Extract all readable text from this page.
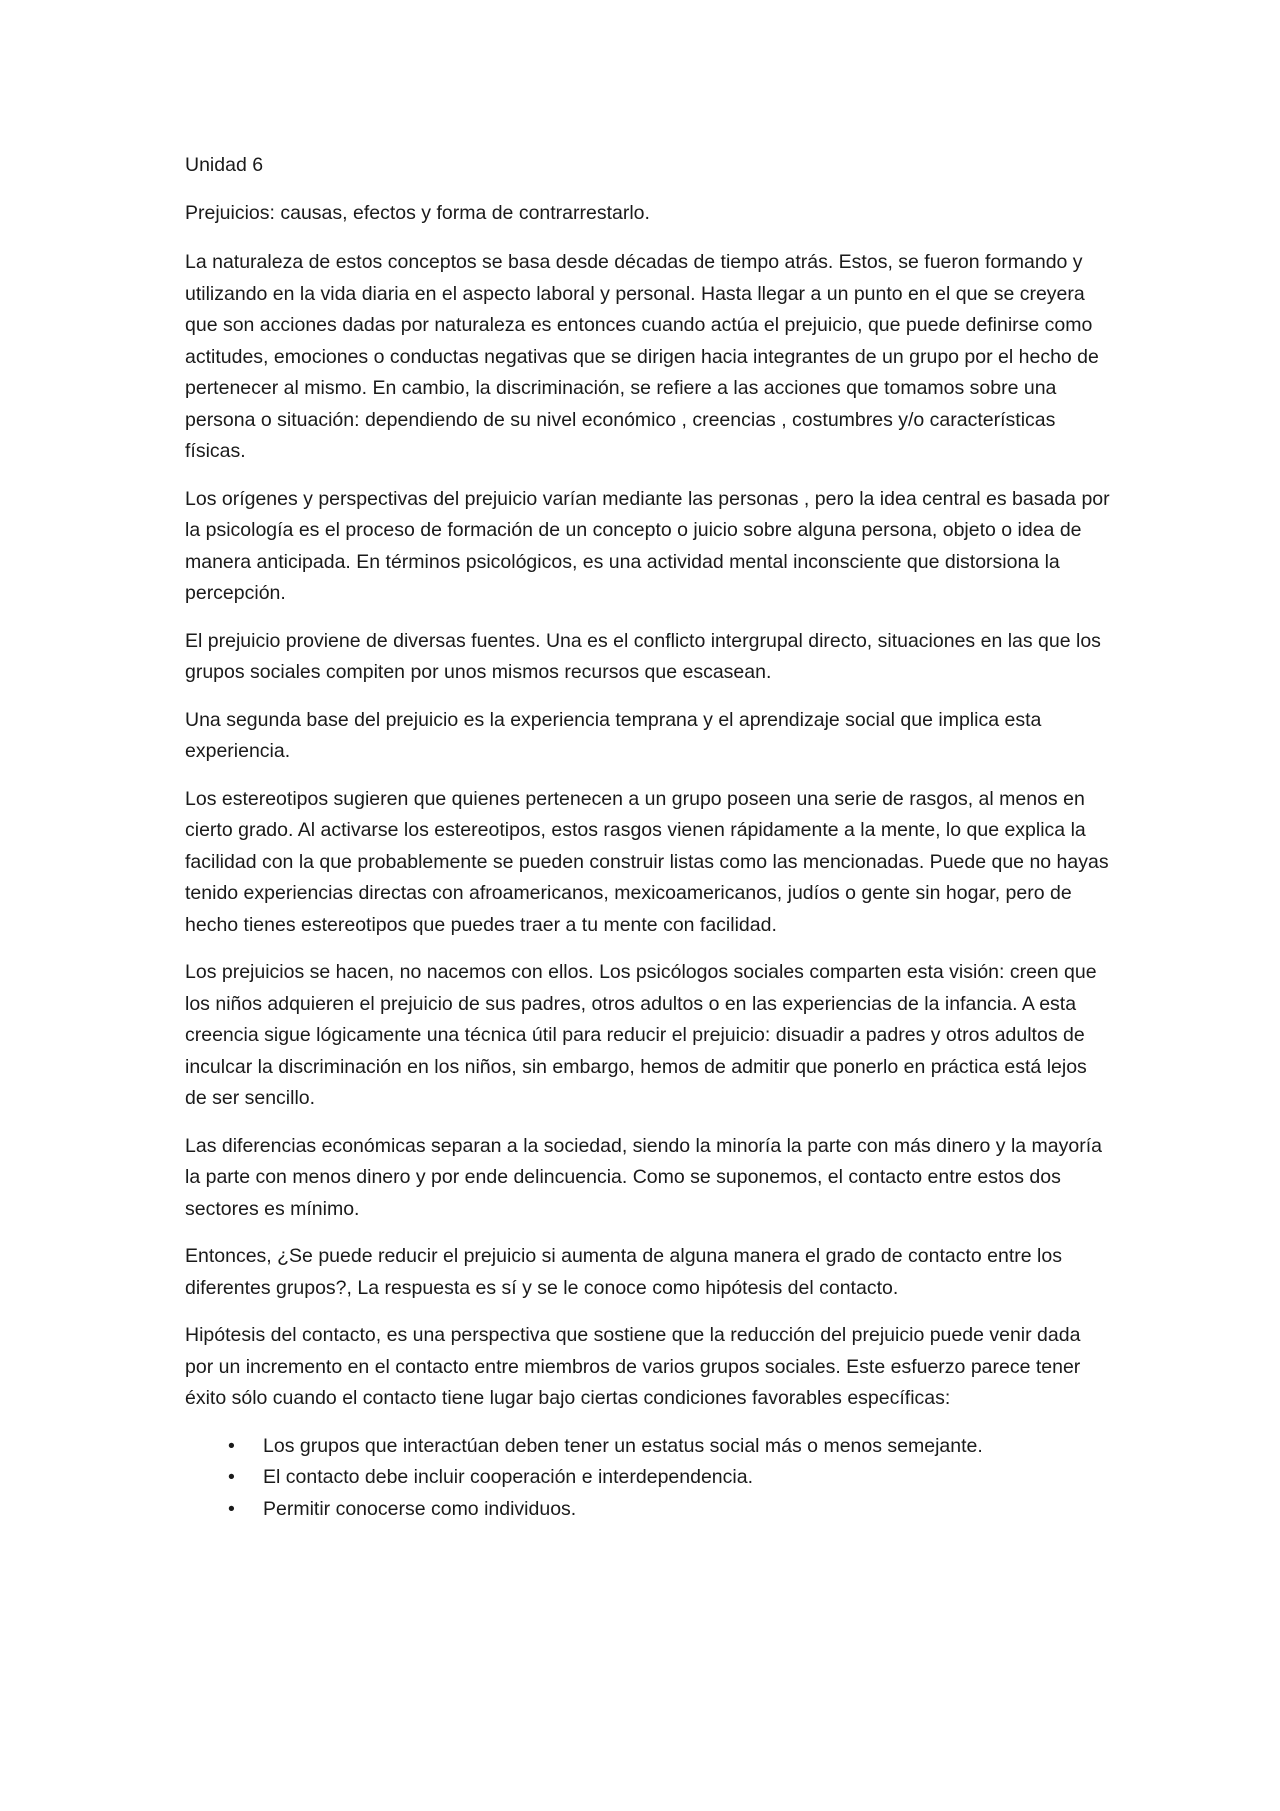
Unidad 6

Prejuicios: causas, efectos y forma de contrarrestarlo.

La naturaleza de estos conceptos se basa desde décadas de tiempo atrás. Estos, se fueron formando y utilizando en la vida diaria en el aspecto laboral y personal. Hasta llegar a un punto en el que se creyera que son acciones dadas por naturaleza es entonces cuando actúa el prejuicio, que puede definirse como actitudes, emociones o conductas negativas que se dirigen hacia integrantes de un grupo por el hecho de pertenecer al mismo. En cambio, la discriminación, se refiere a las acciones que tomamos sobre una persona o situación: dependiendo de su nivel económico , creencias , costumbres y/o características físicas.

Los orígenes y perspectivas del prejuicio varían mediante las personas , pero la idea central es basada por la psicología es el proceso de formación de un concepto o juicio sobre alguna persona, objeto o idea de manera anticipada. En términos psicológicos, es una actividad mental inconsciente que distorsiona la percepción.

El prejuicio proviene de diversas fuentes. Una es el conflicto intergrupal directo, situaciones en las que los grupos sociales compiten por unos mismos recursos que escasean.

Una segunda base del prejuicio es la experiencia temprana y el aprendizaje social que implica esta experiencia.

Los estereotipos sugieren que quienes pertenecen a un grupo poseen una serie de rasgos, al menos en cierto grado. Al activarse los estereotipos, estos rasgos vienen rápidamente a la mente, lo que explica la facilidad con la que probablemente se pueden construir listas como las mencionadas. Puede que no hayas tenido experiencias directas con afroamericanos, mexicoamericanos, judíos o gente sin hogar, pero de hecho tienes estereotipos que puedes traer a tu mente con facilidad.

Los prejuicios se hacen, no nacemos con ellos. Los psicólogos sociales comparten esta visión: creen que los niños adquieren el prejuicio de sus padres, otros adultos o en las experiencias de la infancia. A esta creencia sigue lógicamente una técnica útil para reducir el prejuicio: disuadir a padres y otros adultos de inculcar la discriminación en los niños, sin embargo, hemos de admitir que ponerlo en práctica está lejos de ser sencillo.

Las diferencias económicas separan a la sociedad, siendo la minoría la parte con más dinero y la mayoría la parte con menos dinero y por ende delincuencia. Como se suponemos, el contacto entre estos dos sectores es mínimo.

Entonces, ¿Se puede reducir el prejuicio si aumenta de alguna manera el grado de contacto entre los diferentes grupos?, La respuesta es sí y se le conoce como hipótesis del contacto.

Hipótesis del contacto, es una perspectiva que sostiene que la reducción del prejuicio puede venir dada por un incremento en el contacto entre miembros de varios grupos sociales. Este esfuerzo parece tener éxito sólo cuando el contacto tiene lugar bajo ciertas condiciones favorables específicas:

• Los grupos que interactúan deben tener un estatus social más o menos semejante.
• El contacto debe incluir cooperación e interdependencia.
• Permitir conocerse como individuos.
